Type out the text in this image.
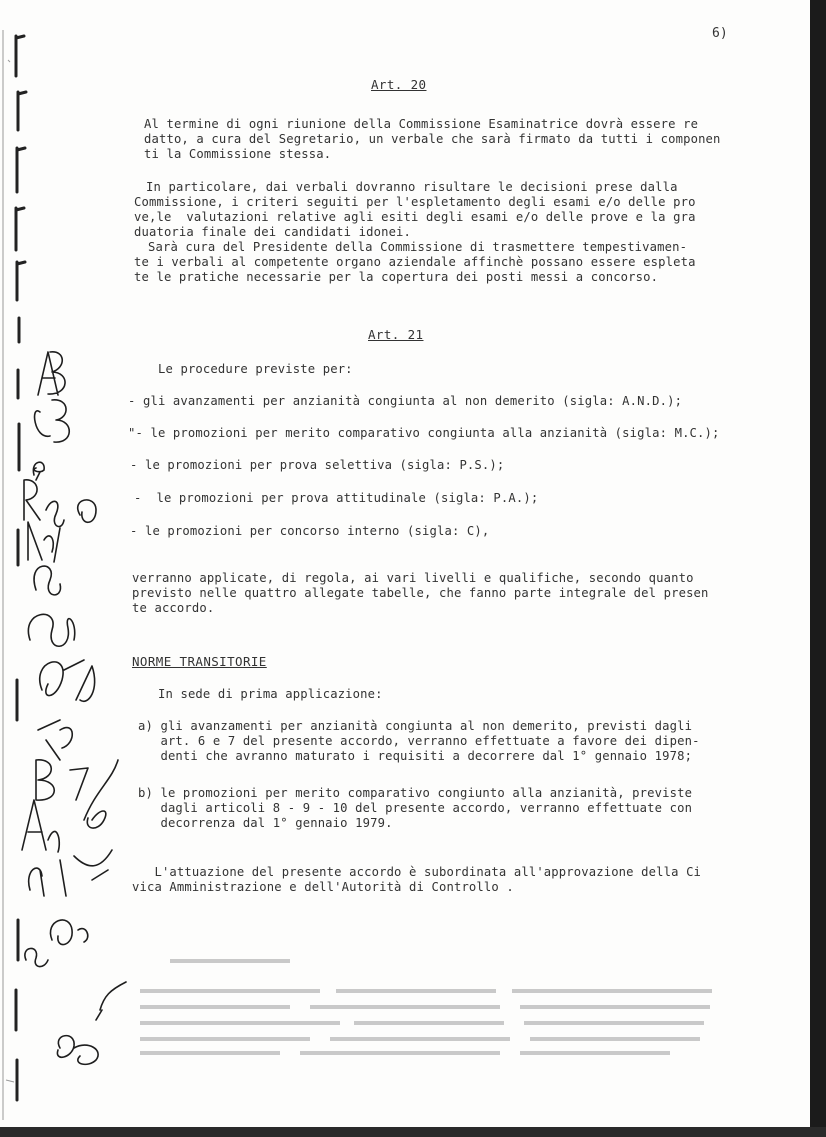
6)
Art. 20
Al termine di ogni riunione della Commissione Esaminatrice dovrà essere re
datto, a cura del Segretario, un verbale che sarà firmato da tutti i componen
ti la Commissione stessa.
In particolare, dai verbali dovranno risultare le decisioni prese dalla
Commissione, i criteri seguiti per l'espletamento degli esami e/o delle pro
ve,le  valutazioni relative agli esiti degli esami e/o delle prove e la gra
duatoria finale dei candidati idonei.
Sarà cura del Presidente della Commissione di trasmettere tempestivamen-
te i verbali al competente organo aziendale affinchè possano essere espleta
te le pratiche necessarie per la copertura dei posti messi a concorso.
Art. 21
Le procedure previste per:
- gli avanzamenti per anzianità congiunta al non demerito (sigla: A.N.D.);
"- le promozioni per merito comparativo congiunta alla anzianità (sigla: M.C.);
- le promozioni per prova selettiva (sigla: P.S.);
-  le promozioni per prova attitudinale (sigla: P.A.);
- le promozioni per concorso interno (sigla: C),
verranno applicate, di regola, ai vari livelli e qualifiche, secondo quanto
previsto nelle quattro allegate tabelle, che fanno parte integrale del presen
te accordo.
NORME TRANSITORIE
In sede di prima applicazione:
a) gli avanzamenti per anzianità congiunta al non demerito, previsti dagli
art. 6 e 7 del presente accordo, verranno effettuate a favore dei dipen-
denti che avranno maturato i requisiti a decorrere dal 1° gennaio 1978;
b) le promozioni per merito comparativo congiunto alla anzianità, previste
dagli articoli 8 - 9 - 10 del presente accordo, verranno effettuate con
decorrenza dal 1° gennaio 1979.
L'attuazione del presente accordo è subordinata all'approvazione della Ci
vica Amministrazione e dell'Autorità di Controllo .
